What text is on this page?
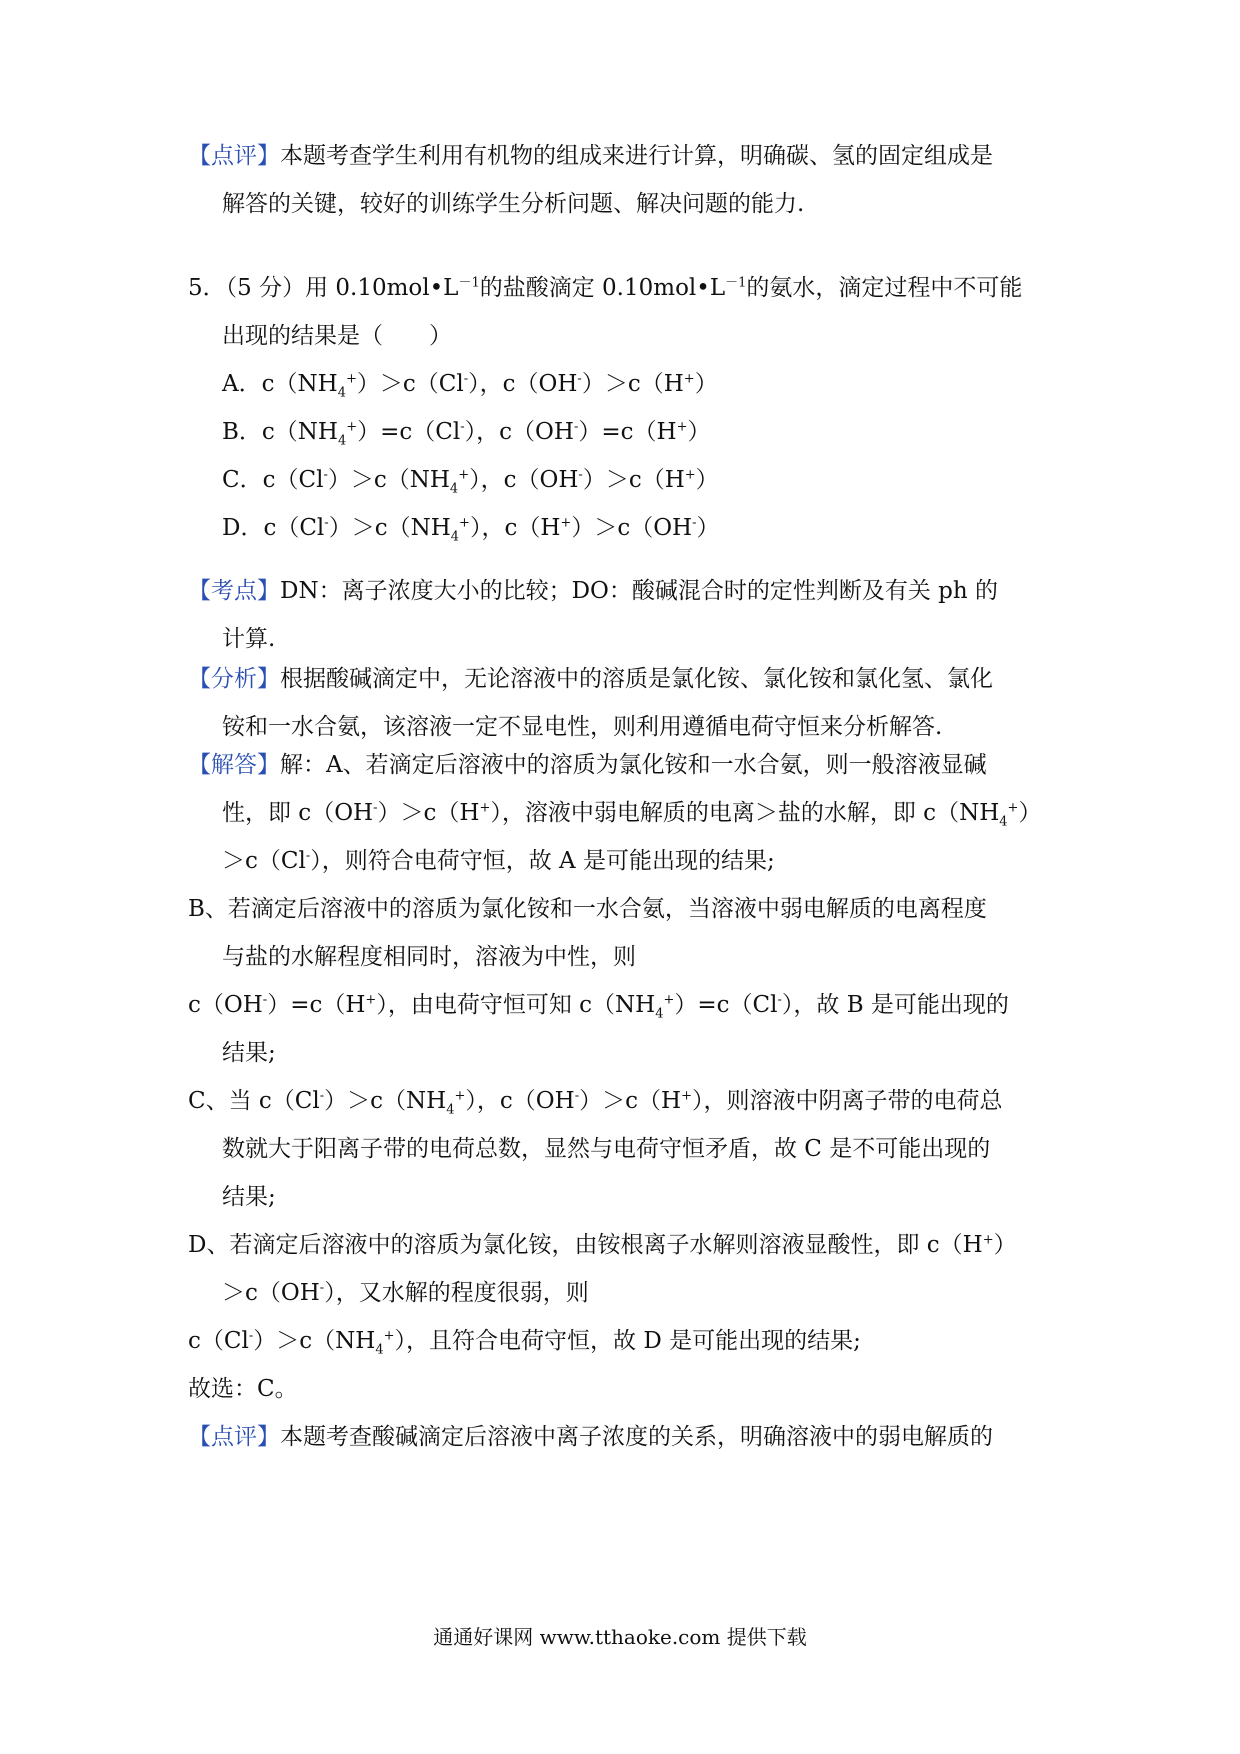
【点评】本题考查学生利用有机物的组成来进行计算，明确碳、氢的固定组成是
解答的关键，较好的训练学生分析问题、解决问题的能力.
5．（5 分）用 $0.10mol•L^{-1}$的盐酸滴定 $0.10mol•L^{-1}$的氨水，滴定过程中不可能
出现的结果是（　　）
A．$c(NH_4^+)>c(Cl^-)$，c（OH-）＞c（H+）
B．$c(NH_4^+)=c(Cl^-)$，c（OH-）=c（H+）
C．$c(Cl^-)>c(NH_4^+)$，c（OH-）＞c（H+）
D．$c(Cl^-)>c(NH_4^+)$，c（H+）＞c（OH-）
【考点】DN：离子浓度大小的比较；DO：酸碱混合时的定性判断及有关 ph 的
计算.
【分析】根据酸碱滴定中，无论溶液中的溶质是氯化铵、氯化铵和氯化氢、氯化
铵和一水合氨，该溶液一定不显电性，则利用遵循电荷守恒来分析解答.
【解答】解：A、若滴定后溶液中的溶质为氯化铵和一水合氨，则一般溶液显碱
性，即 c（OH-）＞c（H+），溶液中弱电解质的电离＞盐的水解，即 $c(NH_4^+)$
＞c（Cl-），则符合电荷守恒，故 A 是可能出现的结果;
B、若滴定后溶液中的溶质为氯化铵和一水合氨，当溶液中弱电解质的电离程度
与盐的水解程度相同时，溶液为中性，则
c（OH-）=c（H+），由电荷守恒可知 $c(NH_4^+)=c(Cl^-)$，故 B 是可能出现的
结果;
C、当 $c(Cl^-)>c(NH_4^+)$，c（OH-）＞c（H+），则溶液中阴离子带的电荷总
数就大于阳离子带的电荷总数，显然与电荷守恒矛盾，故 C 是不可能出现的
结果;
D、若滴定后溶液中的溶质为氯化铵，由铵根离子水解则溶液显酸性，即 c（H+）
＞c（OH-），又水解的程度很弱，则
$c(Cl^-)>c(NH_4^+)$，且符合电荷守恒，故 D 是可能出现的结果;
故选：C。
【点评】本题考查酸碱滴定后溶液中离子浓度的关系，明确溶液中的弱电解质的
通通好课网 www.tthaoke.com 提供下载
